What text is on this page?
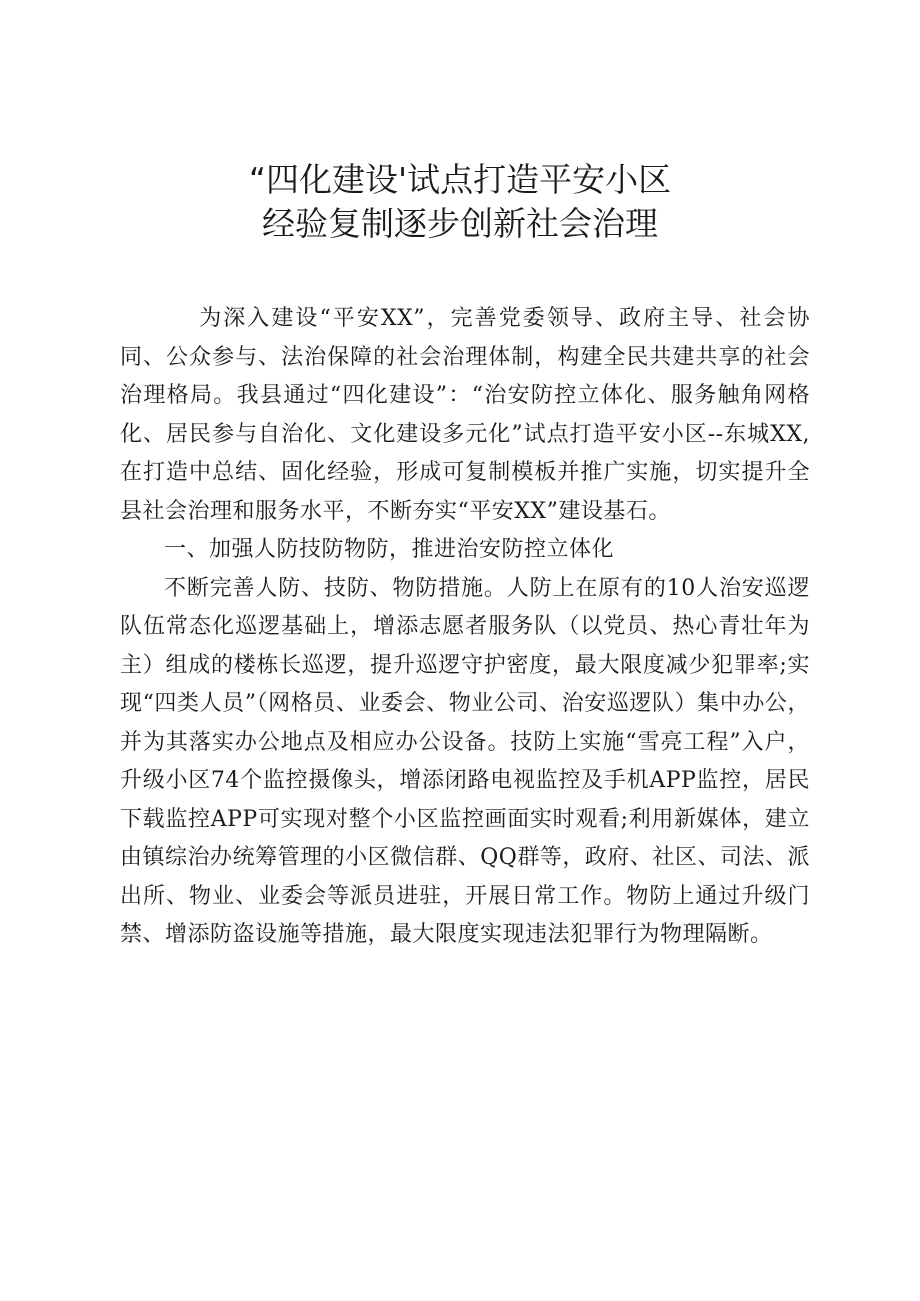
“四化建设'试点打造平安小区
经验复制逐步创新社会治理

为深入建设“平安XX”，完善党委领导、政府主导、社会协同、公众参与、法治保障的社会治理体制，构建全民共建共享的社会治理格局。我县通过“四化建设”：“治安防控立体化、服务触角网格化、居民参与自治化、文化建设多元化”试点打造平安小区--东城XX,在打造中总结、固化经验，形成可复制模板并推广实施，切实提升全县社会治理和服务水平，不断夯实“平安XX”建设基石。

一、加强人防技防物防，推进治安防控立体化

不断完善人防、技防、物防措施。人防上在原有的10人治安巡逻队伍常态化巡逻基础上，增添志愿者服务队（以党员、热心青壮年为主）组成的楼栋长巡逻，提升巡逻守护密度，最大限度减少犯罪率;实现“四类人员”（网格员、业委会、物业公司、治安巡逻队）集中办公，并为其落实办公地点及相应办公设备。技防上实施“雪亮工程”入户，升级小区74个监控摄像头，增添闭路电视监控及手机APP监控，居民下载监控APP可实现对整个小区监控画面实时观看;利用新媒体，建立由镇综治办统筹管理的小区微信群、QQ群等，政府、社区、司法、派出所、物业、业委会等派员进驻，开展日常工作。物防上通过升级门禁、增添防盗设施等措施，最大限度实现违法犯罪行为物理隔断。
